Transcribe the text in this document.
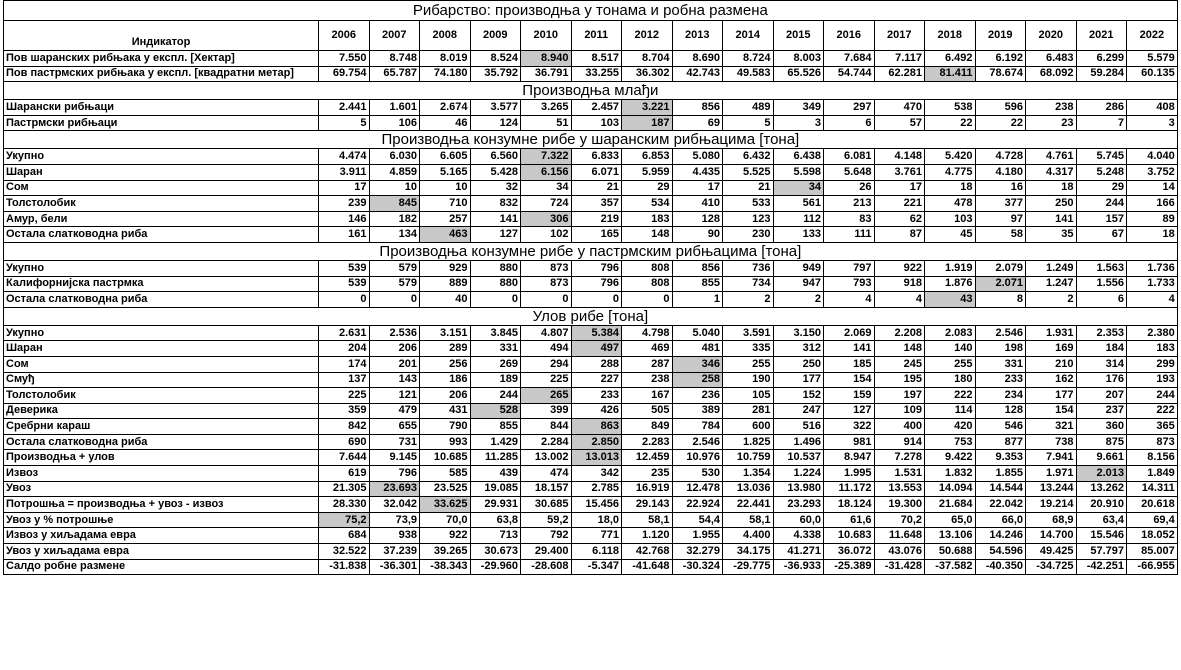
Рибарство: производња у тонама и робна размена																	
Индикатор	2006	2007	2008	2009	2010	2011	2012	2013	2014	2015	2016	2017	2018	2019	2020	2021	2022
Пов шаранских рибњака у експл. [Хектар]	7.550	8.748	8.019	8.524	8.940	8.517	8.704	8.690	8.724	8.003	7.684	7.117	6.492	6.192	6.483	6.299	5.579
Пов пастрмских рибњака у експл. [квадратни метар]	69.754	65.787	74.180	35.792	36.791	33.255	36.302	42.743	49.583	65.526	54.744	62.281	81.411	78.674	68.092	59.284	60.135
Производња млађи																	
Шарански рибњаци	2.441	1.601	2.674	3.577	3.265	2.457	3.221	856	489	349	297	470	538	596	238	286	408
Пастрмски рибњаци	5	106	46	124	51	103	187	69	5	3	6	57	22	22	23	7	3
Производња конзумне рибе у шаранским рибњацима [тона]																	
Укупно	4.474	6.030	6.605	6.560	7.322	6.833	6.853	5.080	6.432	6.438	6.081	4.148	5.420	4.728	4.761	5.745	4.040
Шаран	3.911	4.859	5.165	5.428	6.156	6.071	5.959	4.435	5.525	5.598	5.648	3.761	4.775	4.180	4.317	5.248	3.752
Сом	17	10	10	32	34	21	29	17	21	34	26	17	18	16	18	29	14
Толстолобик	239	845	710	832	724	357	534	410	533	561	213	221	478	377	250	244	166
Амур, бели	146	182	257	141	306	219	183	128	123	112	83	62	103	97	141	157	89
Остала слатководна риба	161	134	463	127	102	165	148	90	230	133	111	87	45	58	35	67	18
Производња конзумне рибе у пастрмским рибњацима [тона]																	
Укупно	539	579	929	880	873	796	808	856	736	949	797	922	1.919	2.079	1.249	1.563	1.736
Калифорнијска пастрмка	539	579	889	880	873	796	808	855	734	947	793	918	1.876	2.071	1.247	1.556	1.733
Остала слатководна риба	0	0	40	0	0	0	0	1	2	2	4	4	43	8	2	6	4
Улов рибе [тона]																	
Укупно	2.631	2.536	3.151	3.845	4.807	5.384	4.798	5.040	3.591	3.150	2.069	2.208	2.083	2.546	1.931	2.353	2.380
Шаран	204	206	289	331	494	497	469	481	335	312	141	148	140	198	169	184	183
Сом	174	201	256	269	294	288	287	346	255	250	185	245	255	331	210	314	299
Смуђ	137	143	186	189	225	227	238	258	190	177	154	195	180	233	162	176	193
Толстолобик	225	121	206	244	265	233	167	236	105	152	159	197	222	234	177	207	244
Деверика	359	479	431	528	399	426	505	389	281	247	127	109	114	128	154	237	222
Сребрни караш	842	655	790	855	844	863	849	784	600	516	322	400	420	546	321	360	365
Остала слатководна риба	690	731	993	1.429	2.284	2.850	2.283	2.546	1.825	1.496	981	914	753	877	738	875	873
Производња + улов	7.644	9.145	10.685	11.285	13.002	13.013	12.459	10.976	10.759	10.537	8.947	7.278	9.422	9.353	7.941	9.661	8.156
Извоз	619	796	585	439	474	342	235	530	1.354	1.224	1.995	1.531	1.832	1.855	1.971	2.013	1.849
Увоз	21.305	23.693	23.525	19.085	18.157	2.785	16.919	12.478	13.036	13.980	11.172	13.553	14.094	14.544	13.244	13.262	14.311
Потрошња = производња + увоз - извоз	28.330	32.042	33.625	29.931	30.685	15.456	29.143	22.924	22.441	23.293	18.124	19.300	21.684	22.042	19.214	20.910	20.618
Увоз у % потрошње	75,2	73,9	70,0	63,8	59,2	18,0	58,1	54,4	58,1	60,0	61,6	70,2	65,0	66,0	68,9	63,4	69,4
Извоз у хиљадама евра	684	938	922	713	792	771	1.120	1.955	4.400	4.338	10.683	11.648	13.106	14.246	14.700	15.546	18.052
Увоз у хиљадама евра	32.522	37.239	39.265	30.673	29.400	6.118	42.768	32.279	34.175	41.271	36.072	43.076	50.688	54.596	49.425	57.797	85.007
Салдо робне размене	-31.838	-36.301	-38.343	-29.960	-28.608	-5.347	-41.648	-30.324	-29.775	-36.933	-25.389	-31.428	-37.582	-40.350	-34.725	-42.251	-66.955
